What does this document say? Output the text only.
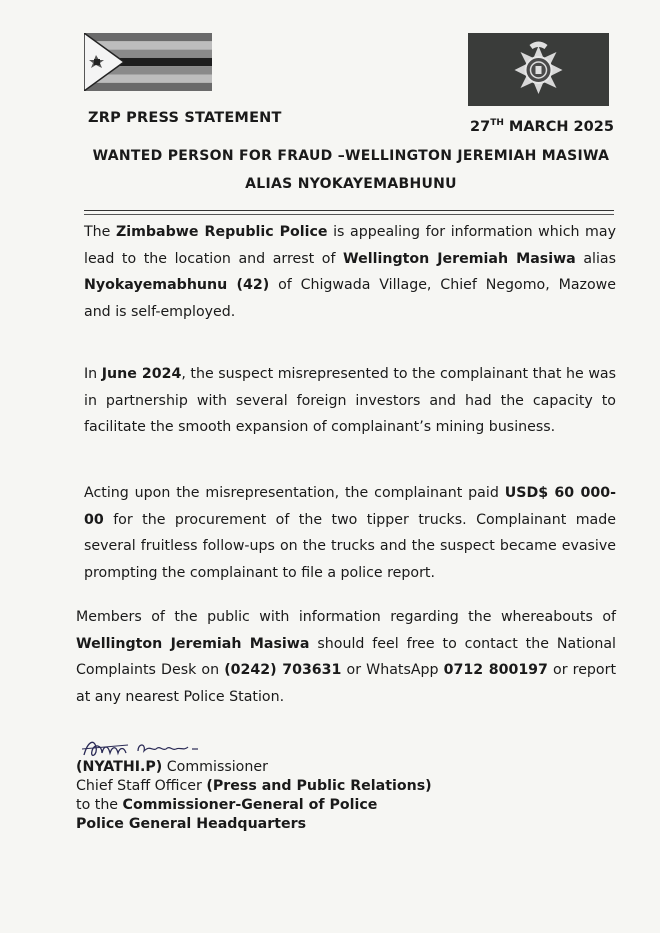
ZRP PRESS STATEMENT
27TH MARCH 2025
WANTED PERSON FOR FRAUD –WELLINGTON JEREMIAH MASIWA
ALIAS NYOKAYEMABHUNU
The Zimbabwe Republic Police is appealing for information which may lead to the location and arrest of Wellington Jeremiah Masiwa alias Nyokayemabhunu (42) of Chigwada Village, Chief Negomo, Mazowe and is self-employed.
In June 2024, the suspect misrepresented to the complainant that he was in partnership with several foreign investors and had the capacity to facilitate the smooth expansion of complainant’s mining business.
Acting upon the misrepresentation, the complainant paid USD$ 60 000-00 for the procurement of the two tipper trucks. Complainant made several fruitless follow-ups on the trucks and the suspect became evasive prompting the complainant to file a police report.
Members of the public with information regarding the whereabouts of Wellington Jeremiah Masiwa should feel free to contact the National Complaints Desk on (0242) 703631 or WhatsApp 0712 800197 or report at any nearest Police Station.
(NYATHI.P) Commissioner
Chief Staff Officer (Press and Public Relations)
to the Commissioner-General of Police
Police General Headquarters
